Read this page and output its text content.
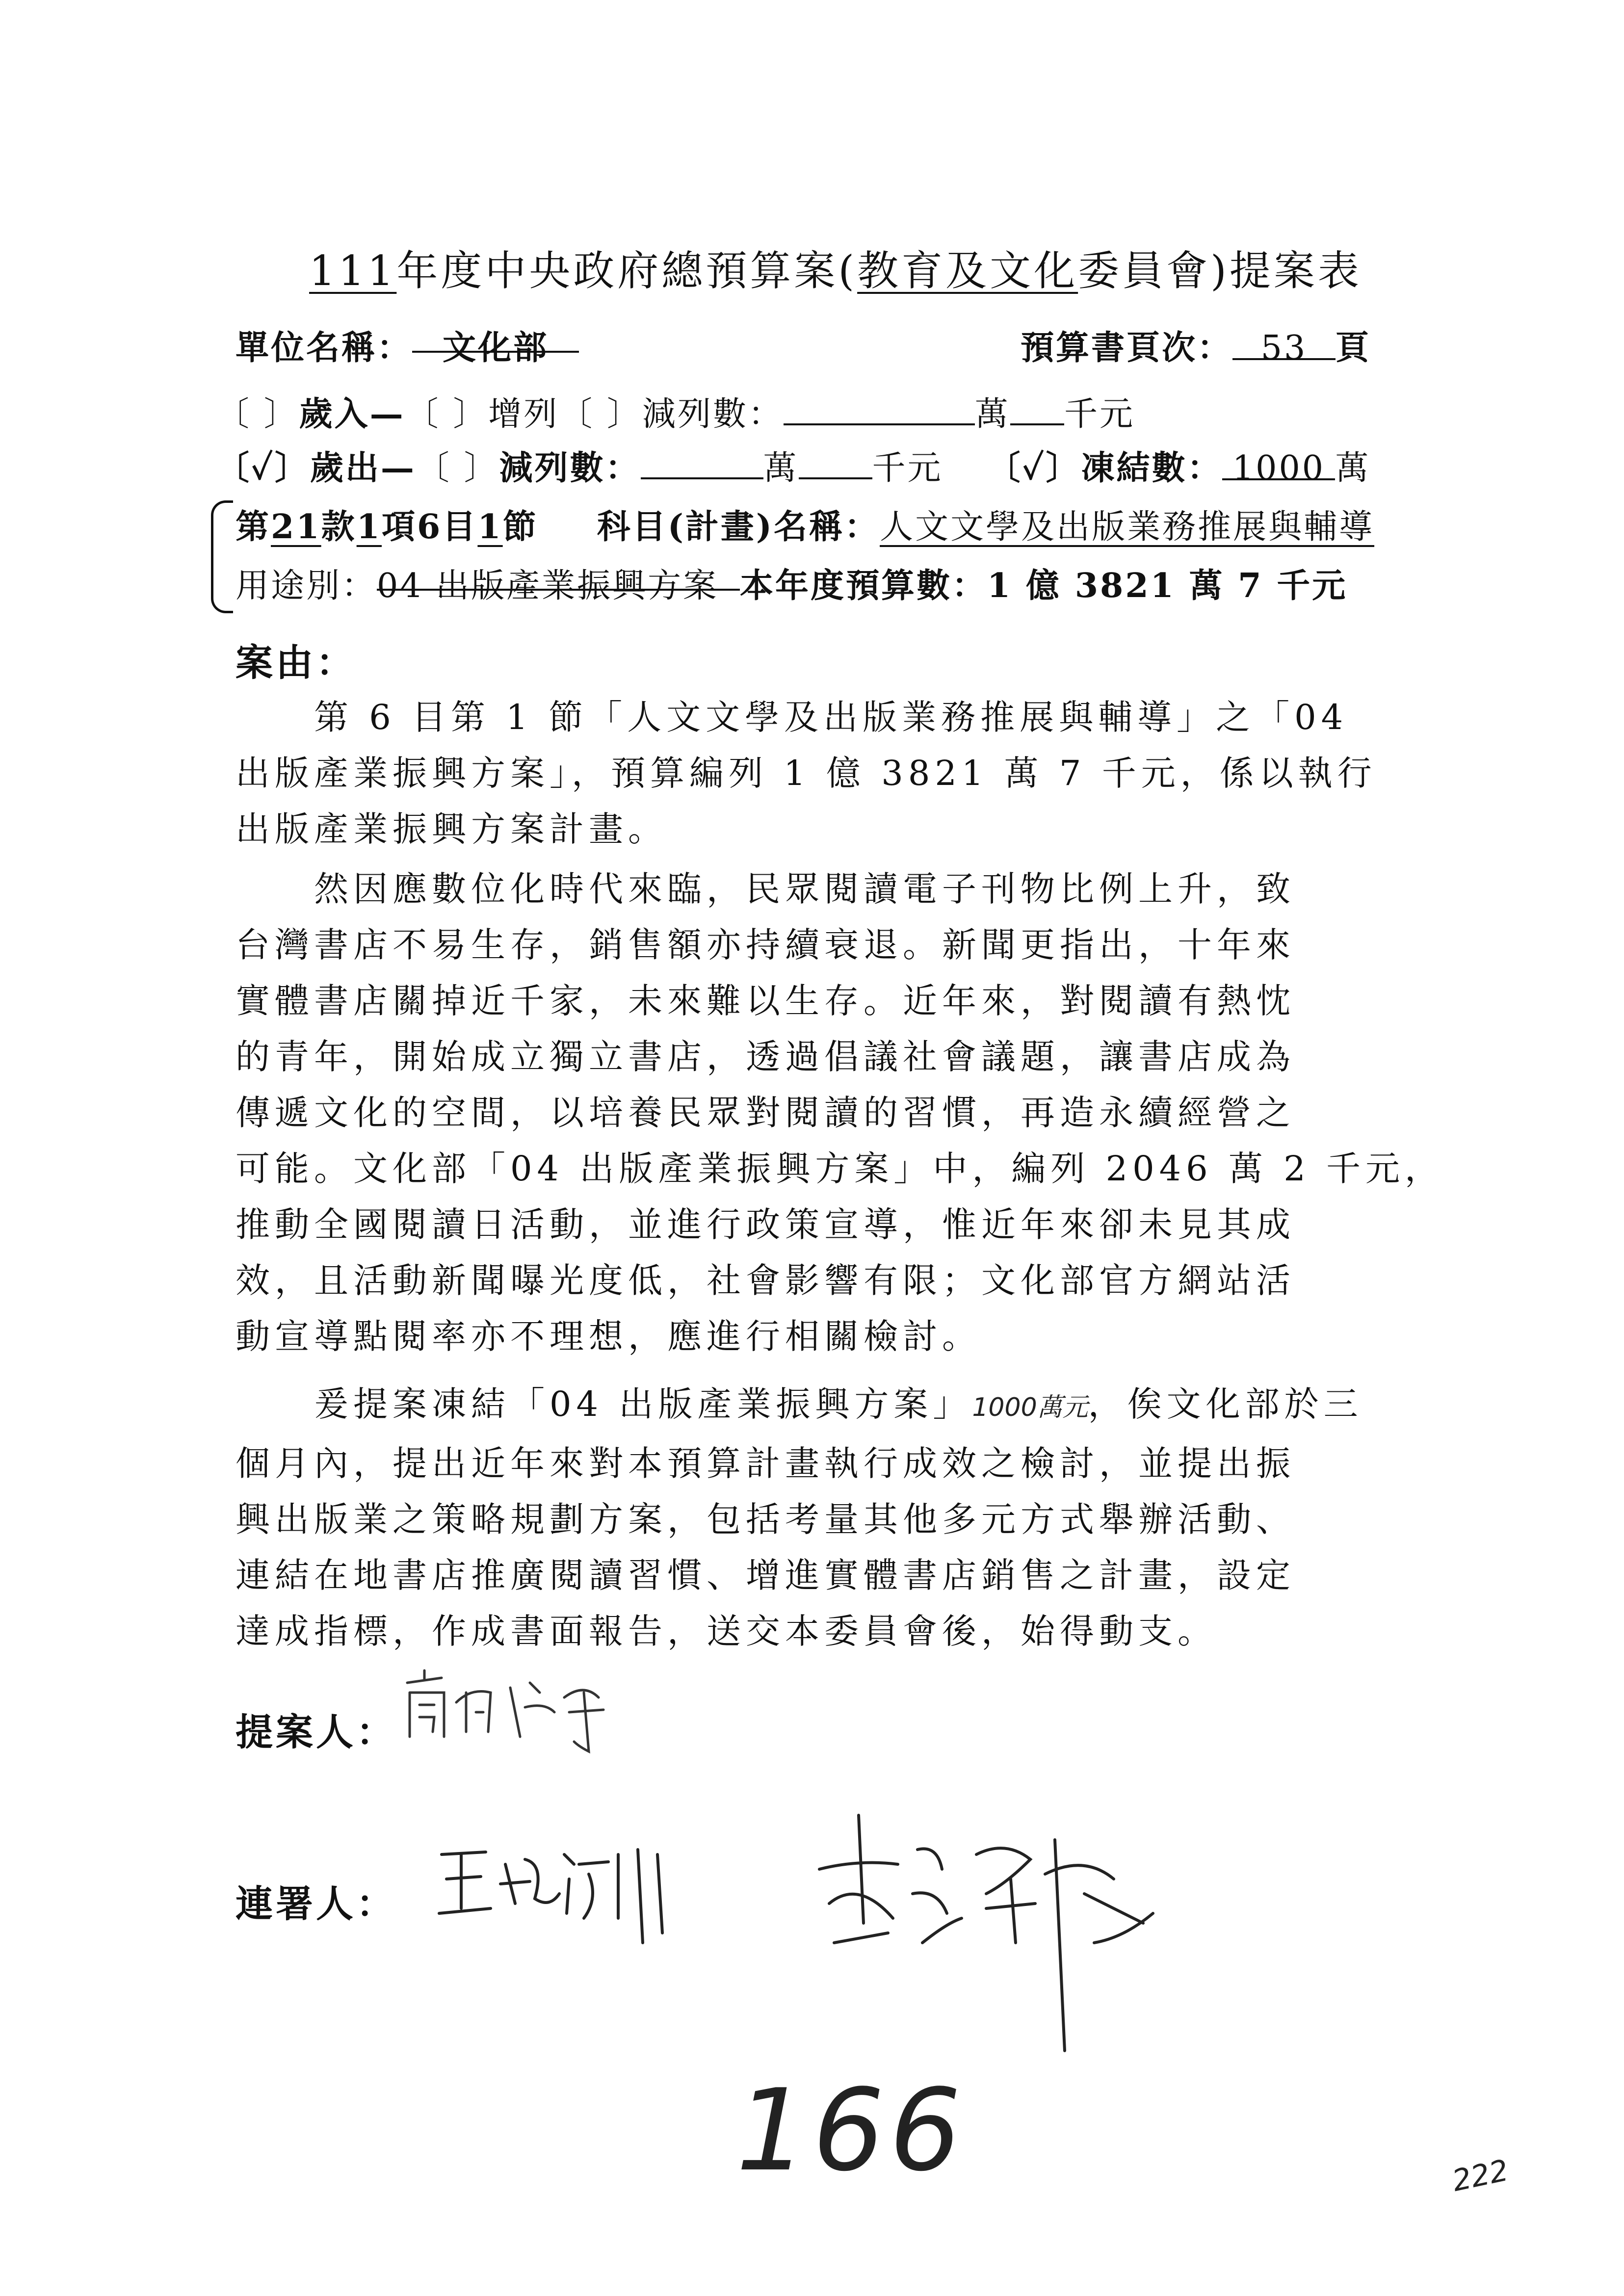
111年度中央政府總預算案(教育及文化委員會)提案表
單位名稱： 文化部	預算書頁次： 53 頁
〔 〕歲入—〔 〕增列〔 〕減列數：	萬 千元
〔✓〕歲出—〔 〕減列數：	萬 千元 〔✓〕凍結數： 1000 萬
第21款1項6目1節 科目(計畫)名稱：人文文學及出版業務推展與輔導
用途別：04 出版產業振興方案 本年度預算數：1 億 3821 萬 7 千元
案由：
第 6 目第 1 節「人文文學及出版業務推展與輔導」之「04
出版產業振興方案」，預算編列 1 億 3821 萬 7 千元，係以執行
出版產業振興方案計畫。
然因應數位化時代來臨，民眾閱讀電子刊物比例上升，致
台灣書店不易生存，銷售額亦持續衰退。新聞更指出，十年來
實體書店關掉近千家，未來難以生存。近年來，對閱讀有熱忱
的青年，開始成立獨立書店，透過倡議社會議題，讓書店成為
傳遞文化的空間，以培養民眾對閱讀的習慣，再造永續經營之
可能。文化部「04 出版產業振興方案」中，編列 2046 萬 2 千元，
推動全國閱讀日活動，並進行政策宣導，惟近年來卻未見其成
效，且活動新聞曝光度低，社會影響有限；文化部官方網站活
動宣導點閱率亦不理想，應進行相關檢討。
爰提案凍結「04 出版產業振興方案」1000萬元，俟文化部於三
個月內，提出近年來對本預算計畫執行成效之檢討，並提出振
興出版業之策略規劃方案，包括考量其他多元方式舉辦活動、
連結在地書店推廣閱讀習慣、增進實體書店銷售之計畫，設定
達成指標，作成書面報告，送交本委員會後，始得動支。
提案人：
連署人：
166	222
